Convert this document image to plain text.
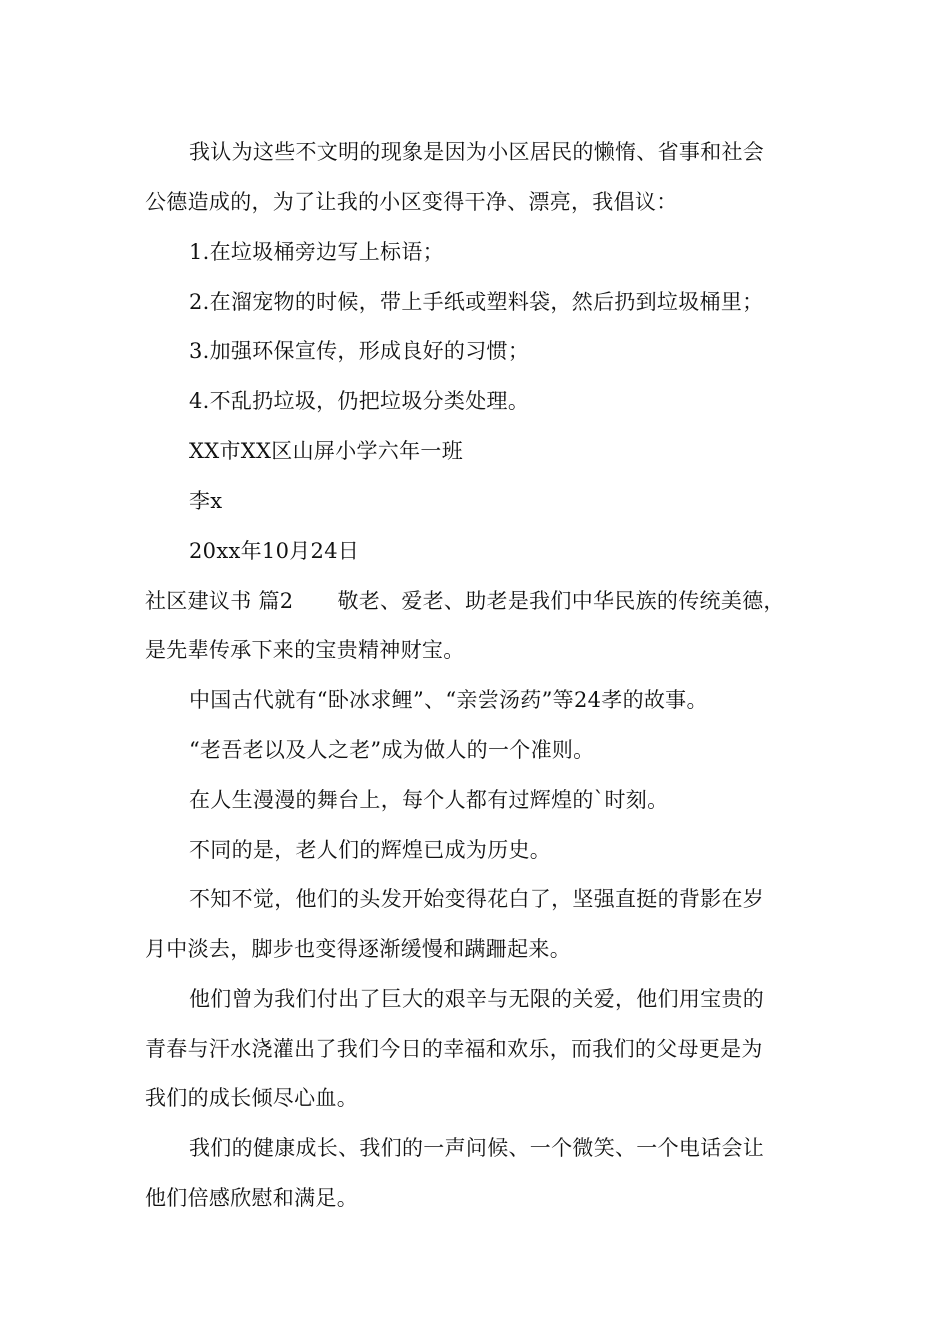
我认为这些不文明的现象是因为小区居民的懒惰、省事和社会
公德造成的，为了让我的小区变得干净、漂亮，我倡议：
1.在垃圾桶旁边写上标语；
2.在溜宠物的时候，带上手纸或塑料袋，然后扔到垃圾桶里；
3.加强环保宣传，形成良好的习惯；
4.不乱扔垃圾，仍把垃圾分类处理。
XX市XX区山屏小学六年一班
李x
20xx年10月24日
社区建议书 篇2 敬老、爱老、助老是我们中华民族的传统美德，
是先辈传承下来的宝贵精神财宝。
中国古代就有“卧冰求鲤”、“亲尝汤药”等24孝的故事。
“老吾老以及人之老”成为做人的一个准则。
在人生漫漫的舞台上，每个人都有过辉煌的`时刻。
不同的是，老人们的辉煌已成为历史。
不知不觉，他们的头发开始变得花白了，坚强直挺的背影在岁
月中淡去，脚步也变得逐渐缓慢和蹒跚起来。
他们曾为我们付出了巨大的艰辛与无限的关爱，他们用宝贵的
青春与汗水浇灌出了我们今日的幸福和欢乐，而我们的父母更是为
我们的成长倾尽心血。
我们的健康成长、我们的一声问候、一个微笑、一个电话会让
他们倍感欣慰和满足。
